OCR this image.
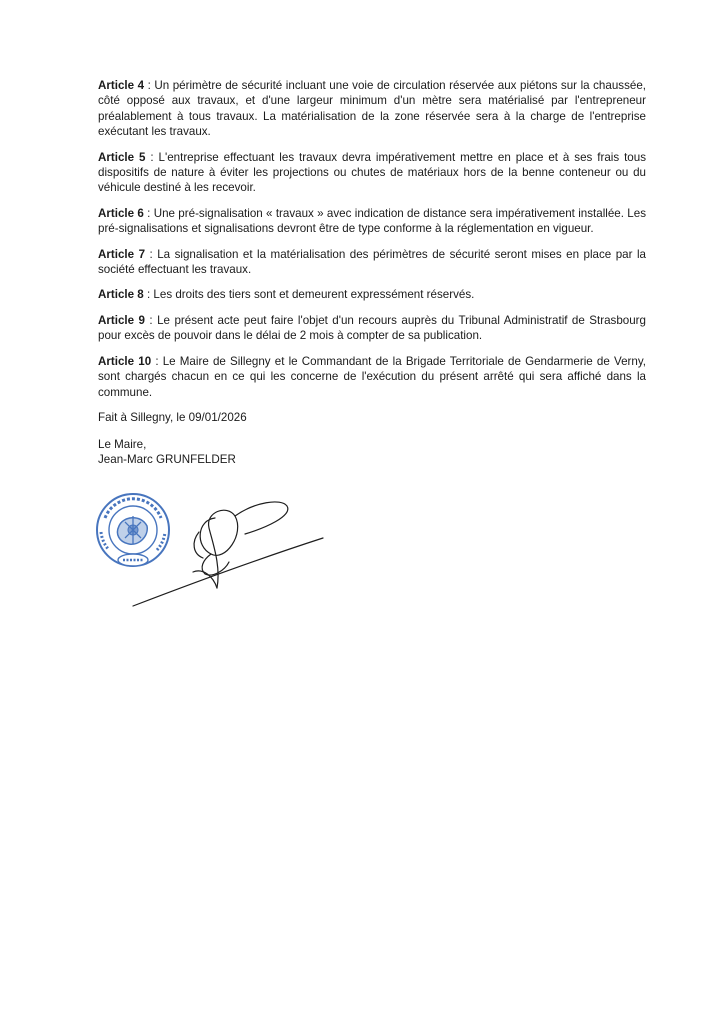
Article 4 : Un périmètre de sécurité incluant une voie de circulation réservée aux piétons sur la chaussée, côté opposé aux travaux, et d'une largeur minimum d'un mètre sera matérialisé par l'entrepreneur préalablement à tous travaux. La matérialisation de la zone réservée sera à la charge de l'entreprise exécutant les travaux.

Article 5 : L'entreprise effectuant les travaux devra impérativement mettre en place et à ses frais tous dispositifs de nature à éviter les projections ou chutes de matériaux hors de la benne conteneur ou du véhicule destiné à les recevoir.

Article 6 : Une pré-signalisation « travaux » avec indication de distance sera impérativement installée. Les pré-signalisations et signalisations devront être de type conforme à la réglementation en vigueur.

Article 7 : La signalisation et la matérialisation des périmètres de sécurité seront mises en place par la société effectuant les travaux.

Article 8 : Les droits des tiers sont et demeurent expressément réservés.

Article 9 : Le présent acte peut faire l'objet d'un recours auprès du Tribunal Administratif de Strasbourg pour excès de pouvoir dans le délai de 2 mois à compter de sa publication.

Article 10 : Le Maire de Sillegny et le Commandant de la Brigade Territoriale de Gendarmerie de Verny, sont chargés chacun en ce qui les concerne de l'exécution du présent arrêté qui sera affiché dans la commune.

Fait à Sillegny, le 09/01/2026
Le Maire,
Jean-Marc GRUNFELDER
